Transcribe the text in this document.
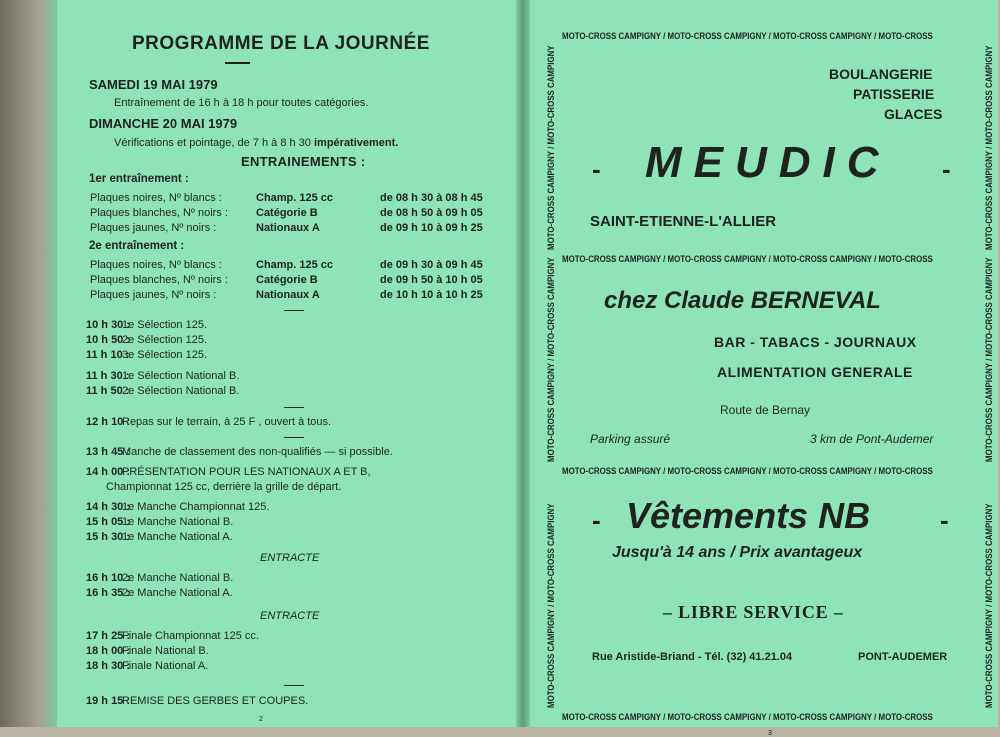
PROGRAMME DE LA JOURNÉE
SAMEDI 19 MAI 1979
Entraînement de 16 h à 18 h pour toutes catégories.
DIMANCHE 20 MAI 1979
Vérifications et pointage, de 7 h à 8 h 30 impérativement.
ENTRAINEMENTS :
1er entraînement :
Plaques noires, Nº blancs :	Champ. 125 cc	de 08 h 30 à 08 h 45
Plaques blanches, Nº noirs :	Catégorie B	de 08 h 50 à 09 h 05
Plaques jaunes, Nº noirs :	Nationaux A	de 09 h 10 à 09 h 25
2e entraînement :
Plaques noires, Nº blancs :	Champ. 125 cc	de 09 h 30 à 09 h 45
Plaques blanches, Nº noirs :	Catégorie B	de 09 h 50 à 10 h 05
Plaques jaunes, Nº noirs :	Nationaux A	de 10 h 10 à 10 h 25
10 h 30 :
1e Sélection 125.
10 h 50 :
2e Sélection 125.
11 h 10 :
3e Sélection 125.
11 h 30 :
1e Sélection National B.
11 h 50 :
2e Sélection National B.
12 h 10 :
Repas sur le terrain, à 25 F , ouvert à tous.
13 h 45 :
Manche de classement des non-qualifiés — si possible.
14 h 00 :
PRÉSENTATION POUR LES NATIONAUX A ET B,
Championnat 125 cc, derrière la grille de départ.
14 h 30 :
1e Manche Championnat 125.
15 h 05 :
1e Manche National B.
15 h 30 :
1e Manche National A.
16 h 10 :
2e Manche National B.
16 h 35 :
2e Manche National A.
17 h 25 :
Finale Championnat 125 cc.
18 h 00 :
Finale National B.
18 h 30 :
Finale National A.
19 h 15 :
REMISE DES GERBES ET COUPES.
ENTRACTE
ENTRACTE
2
MOTO-CROSS CAMPIGNY / MOTO-CROSS CAMPIGNY / MOTO-CROSS CAMPIGNY / MOTO-CROSS
MOTO-CROSS CAMPIGNY / MOTO-CROSS CAMPIGNY / MOTO-CROSS CAMPIGNY / MOTO-CROSS
MOTO-CROSS CAMPIGNY / MOTO-CROSS CAMPIGNY / MOTO-CROSS CAMPIGNY / MOTO-CROSS
MOTO-CROSS CAMPIGNY / MOTO-CROSS CAMPIGNY / MOTO-CROSS CAMPIGNY / MOTO-CROSS
MOTO-CROSS CAMPIGNY / MOTO-CROSS CAMPIGNY
MOTO-CROSS CAMPIGNY / MOTO-CROSS CAMPIGNY
MOTO-CROSS CAMPIGNY / MOTO-CROSS CAMPIGNY
MOTO-CROSS CAMPIGNY / MOTO-CROSS CAMPIGNY
MOTO-CROSS CAMPIGNY / MOTO-CROSS CAMPIGNY
MOTO-CROSS CAMPIGNY / MOTO-CROSS CAMPIGNY
BOULANGERIE
PATISSERIE
GLACES
- MEUDIC -
SAINT-ETIENNE-L'ALLIER
chez Claude BERNEVAL
BAR - TABACS - JOURNAUX
ALIMENTATION GENERALE
Route de Bernay
Parking assuré	3 km de Pont-Audemer
- Vêtements NB	-
Jusqu'à 14 ans / Prix avantageux
– LIBRE SERVICE –
Rue Aristide-Briand - Tél. (32) 41.21.04	PONT-AUDEMER
3
